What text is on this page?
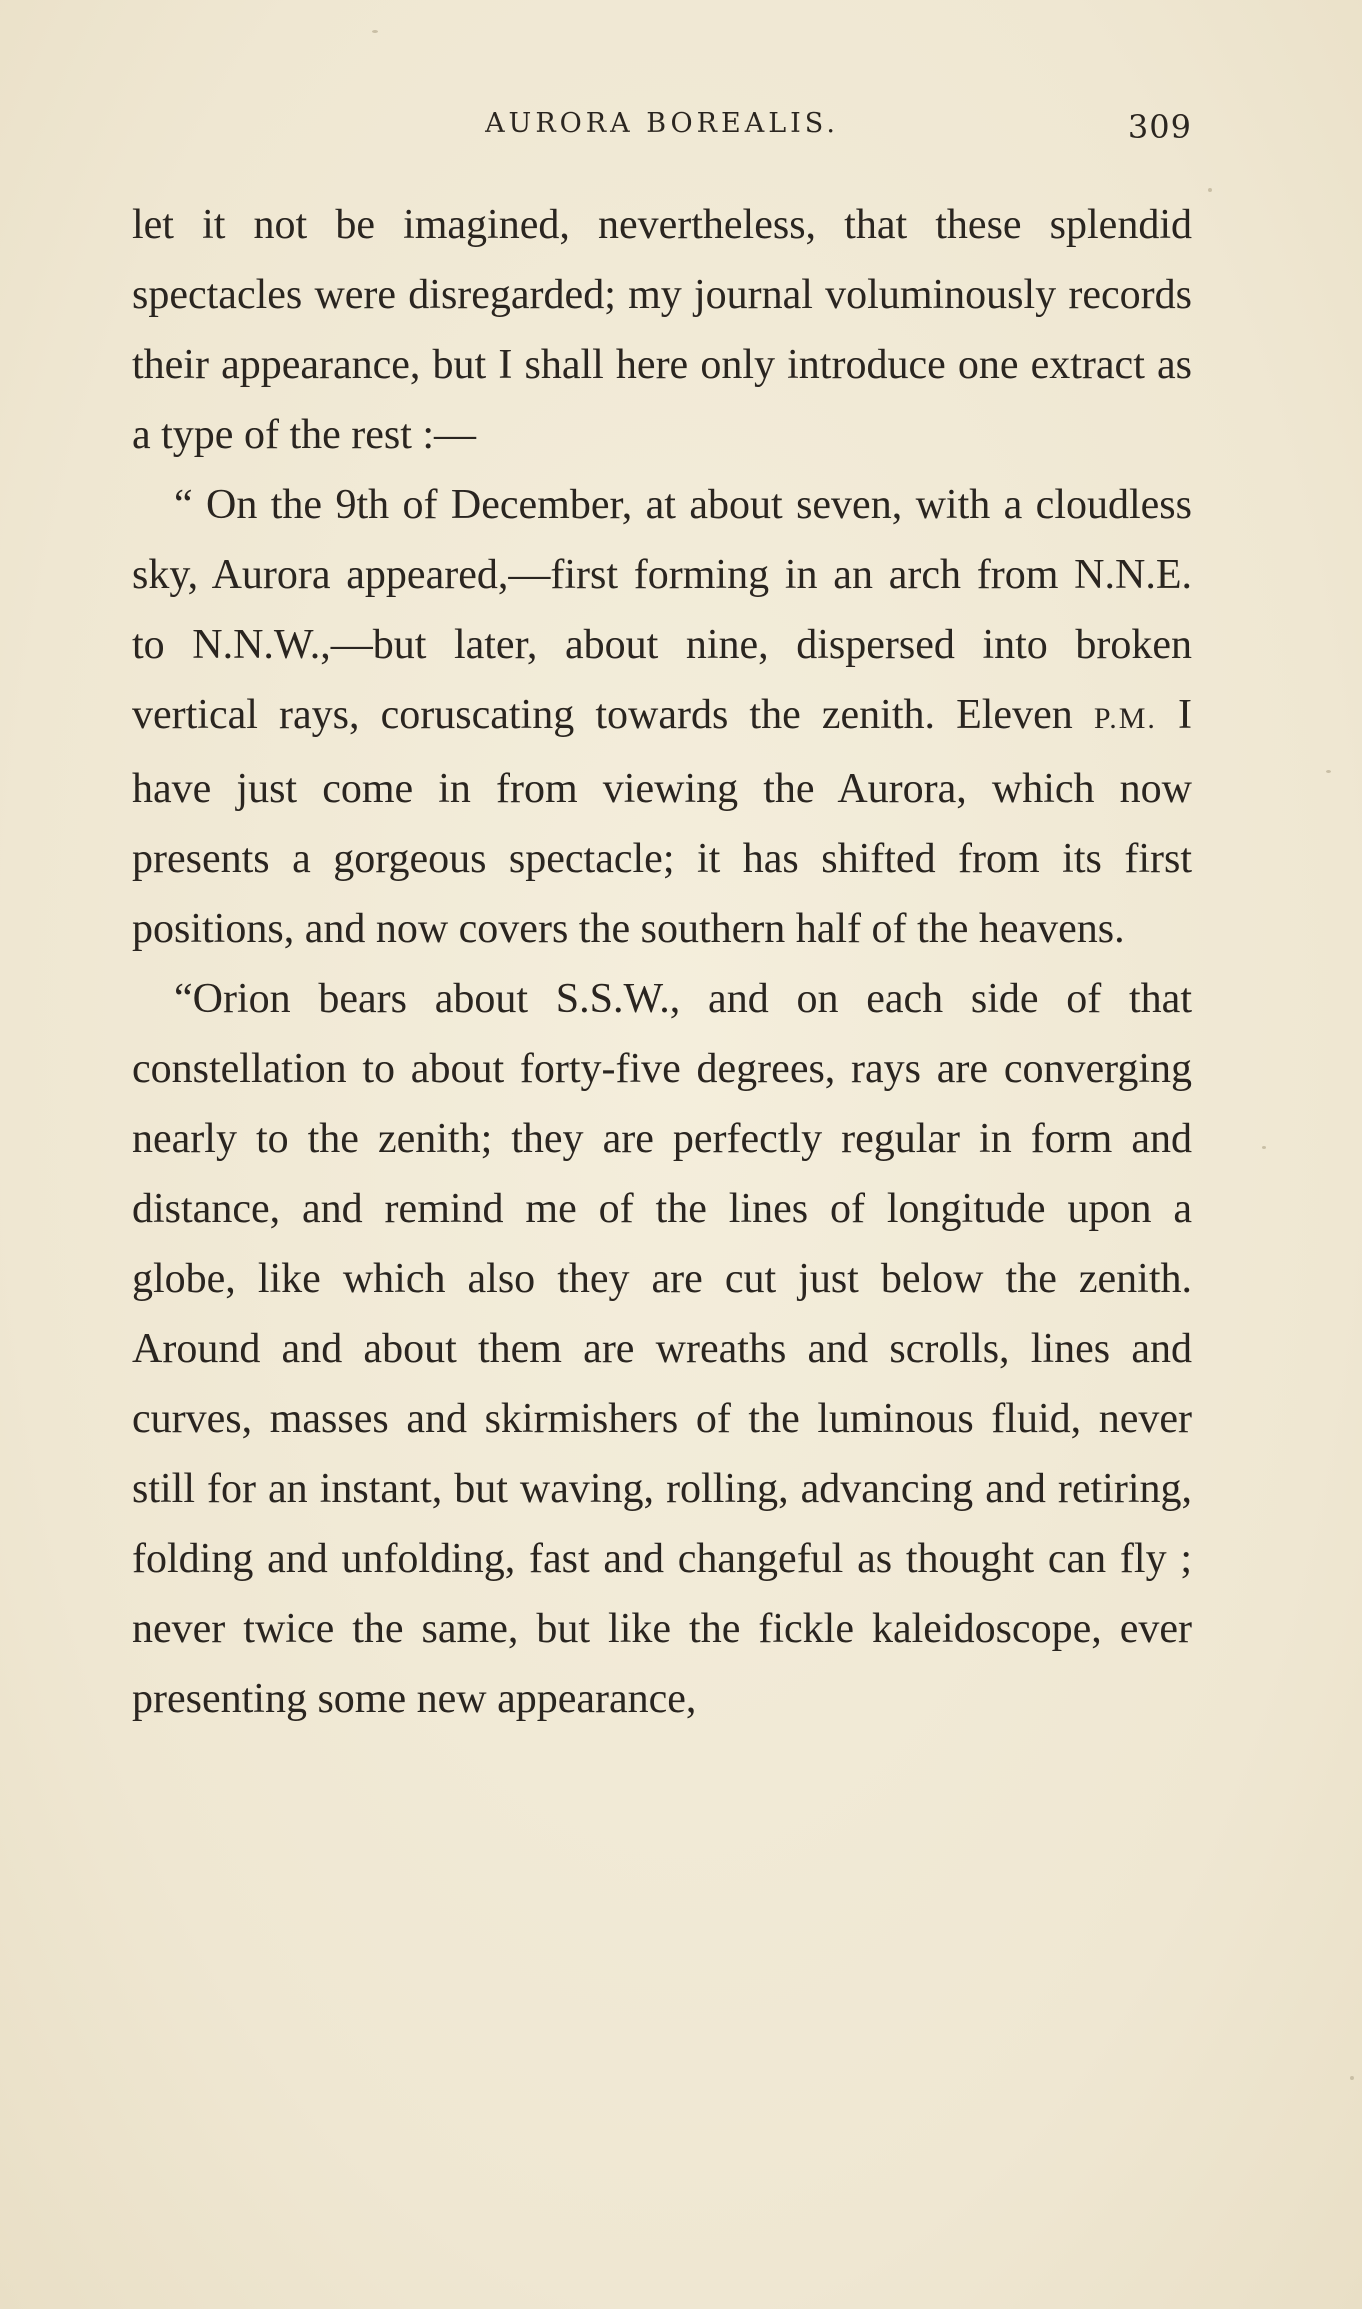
AURORA BOREALIS.	309

let it not be imagined, nevertheless, that these splendid spectacles were disregarded; my journal voluminously records their appearance, but I shall here only introduce one extract as a type of the rest :—

“ On the 9th of December, at about seven, with a cloudless sky, Aurora appeared,—first forming in an arch from N.N.E. to N.N.W.,—but later, about nine, dispersed into broken vertical rays, coruscating towards the zenith. Eleven P.M. I have just come in from viewing the Aurora, which now presents a gorgeous spectacle; it has shifted from its first positions, and now covers the southern half of the heavens.

“Orion bears about S.S.W., and on each side of that constellation to about forty-five degrees, rays are converging nearly to the zenith; they are perfectly regular in form and distance, and remind me of the lines of longitude upon a globe, like which also they are cut just below the zenith. Around and about them are wreaths and scrolls, lines and curves, masses and skirmishers of the luminous fluid, never still for an instant, but waving, rolling, advancing and retiring, folding and unfolding, fast and changeful as thought can fly ; never twice the same, but like the fickle kaleidoscope, ever presenting some new appearance,
